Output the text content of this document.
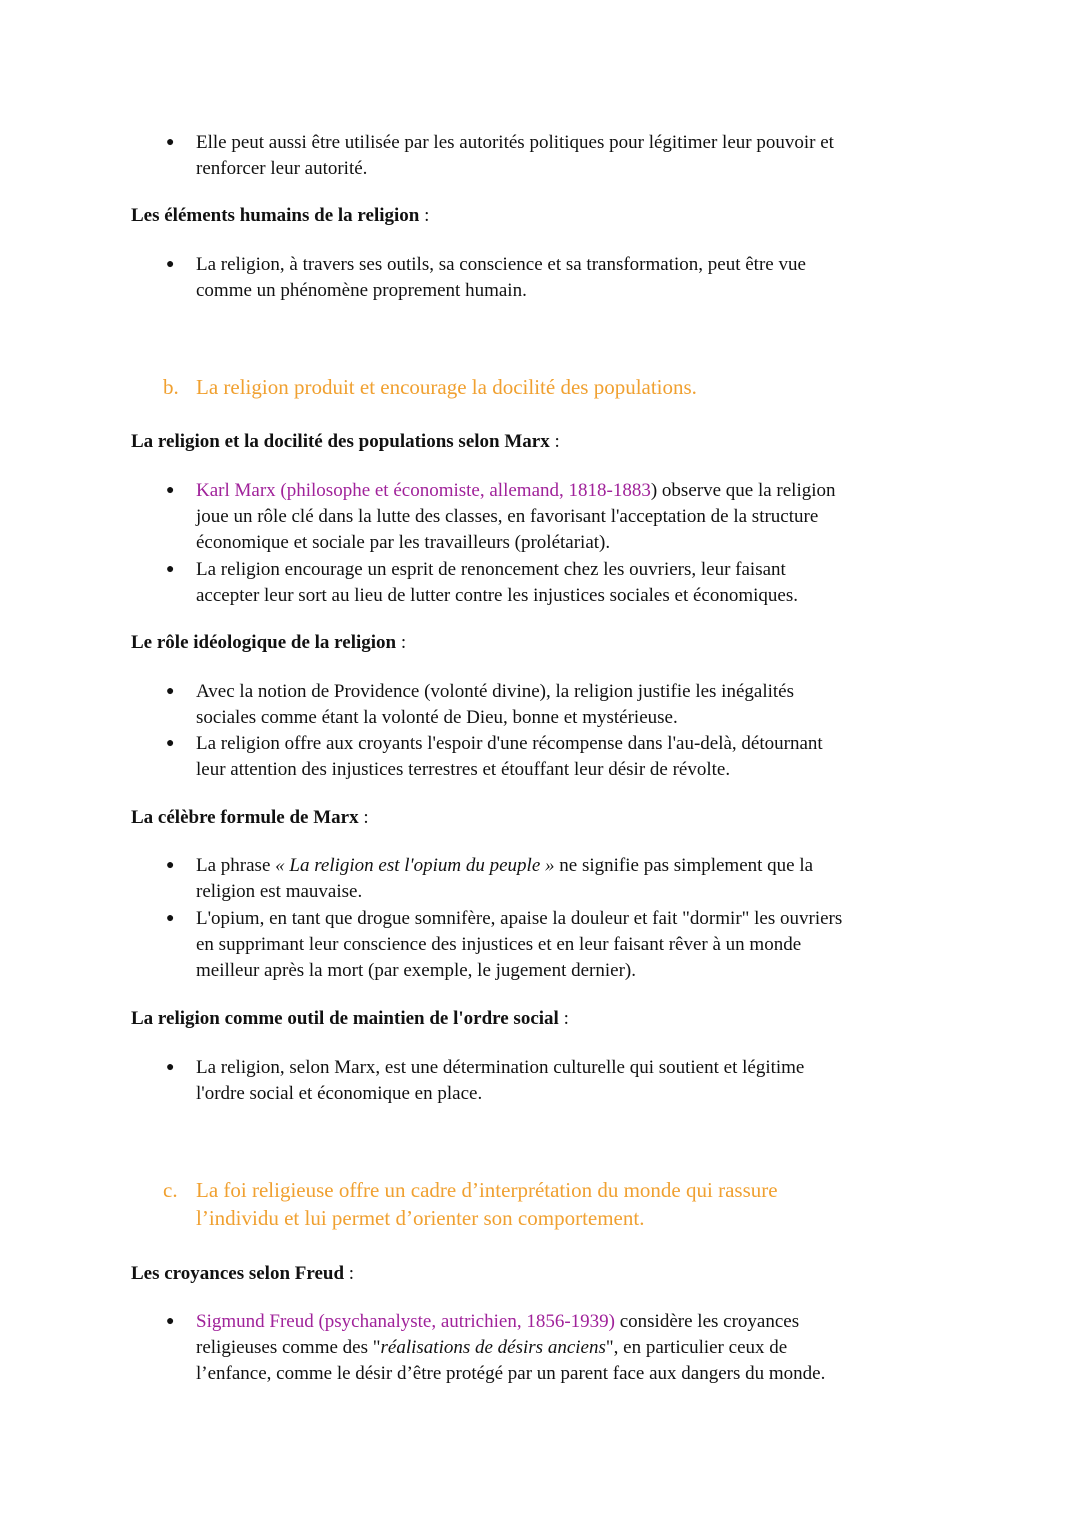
● Elle peut aussi être utilisée par les autorités politiques pour légitimer leur pouvoir et
renforcer leur autorité.
Les éléments humains de la religion :
● La religion, à travers ses outils, sa conscience et sa transformation, peut être vue
comme un phénomène proprement humain.
b. La religion produit et encourage la docilité des populations.
La religion et la docilité des populations selon Marx :
● Karl Marx (philosophe et économiste, allemand, 1818-1883) observe que la religion
joue un rôle clé dans la lutte des classes, en favorisant l'acceptation de la structure
économique et sociale par les travailleurs (prolétariat).
● La religion encourage un esprit de renoncement chez les ouvriers, leur faisant
accepter leur sort au lieu de lutter contre les injustices sociales et économiques.
Le rôle idéologique de la religion :
● Avec la notion de Providence (volonté divine), la religion justifie les inégalités
sociales comme étant la volonté de Dieu, bonne et mystérieuse.
● La religion offre aux croyants l'espoir d'une récompense dans l'au-delà, détournant
leur attention des injustices terrestres et étouffant leur désir de révolte.
La célèbre formule de Marx :
● La phrase « La religion est l'opium du peuple » ne signifie pas simplement que la
religion est mauvaise.
● L'opium, en tant que drogue somnifère, apaise la douleur et fait "dormir" les ouvriers
en supprimant leur conscience des injustices et en leur faisant rêver à un monde
meilleur après la mort (par exemple, le jugement dernier).
La religion comme outil de maintien de l'ordre social :
● La religion, selon Marx, est une détermination culturelle qui soutient et légitime
l'ordre social et économique en place.
c. La foi religieuse offre un cadre d’interprétation du monde qui rassure
l’individu et lui permet d’orienter son comportement.
Les croyances selon Freud :
● Sigmund Freud (psychanalyste, autrichien, 1856-1939) considère les croyances
religieuses comme des "réalisations de désirs anciens", en particulier ceux de
l’enfance, comme le désir d’être protégé par un parent face aux dangers du monde.
